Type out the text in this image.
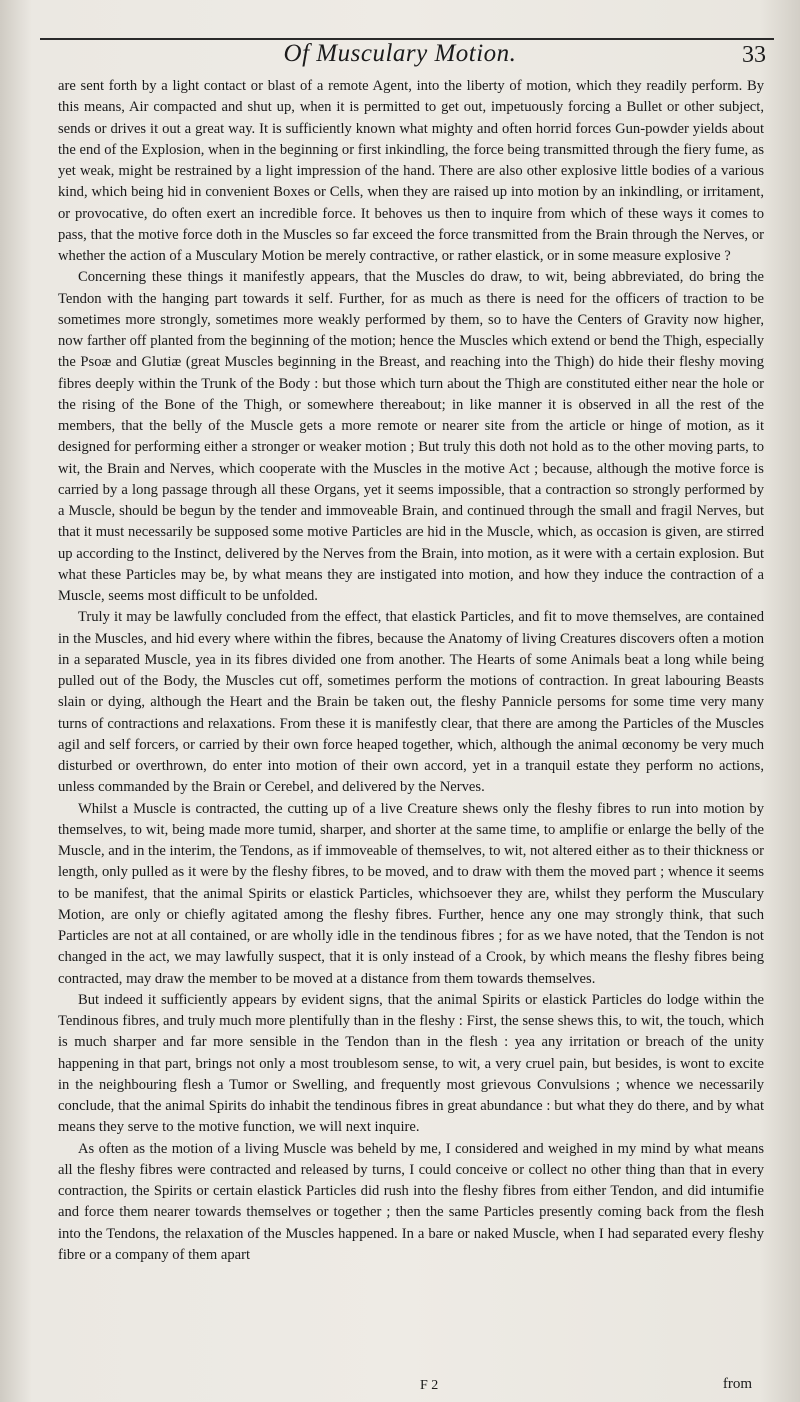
Of Musculary Motion.	33

are sent forth by a light contact or blast of a remote Agent, into the liberty of motion, which they readily perform. By this means, Air compacted and shut up, when it is permitted to get out, impetuously forcing a Bullet or other subject, sends or drives it out a great way. It is sufficiently known what mighty and often horrid forces Gun-powder yields about the end of the Explosion, when in the beginning or first inkindling, the force being transmitted through the fiery fume, as yet weak, might be restrained by a light impression of the hand. There are also other explosive little bodies of a various kind, which being hid in convenient Boxes or Cells, when they are raised up into motion by an inkindling, or irritament, or provocative, do often exert an incredible force. It behoves us then to inquire from which of these ways it comes to pass, that the motive force doth in the Muscles so far exceed the force transmitted from the Brain through the Nerves, or whether the action of a Musculary Motion be merely contractive, or rather elastick, or in some measure explosive ?

Concerning these things it manifestly appears, that the Muscles do draw, to wit, being abbreviated, do bring the Tendon with the hanging part towards it self. Further, for as much as there is need for the officers of traction to be sometimes more strongly, sometimes more weakly performed by them, so to have the Centers of Gravity now higher, now farther off planted from the beginning of the motion; hence the Muscles which extend or bend the Thigh, especially the Psoæ and Glutiæ (great Muscles beginning in the Breast, and reaching into the Thigh) do hide their fleshy moving fibres deeply within the Trunk of the Body : but those which turn about the Thigh are constituted either near the hole or the rising of the Bone of the Thigh, or somewhere thereabout; in like manner it is observed in all the rest of the members, that the belly of the Muscle gets a more remote or nearer site from the article or hinge of motion, as it designed for performing either a stronger or weaker motion ; But truly this doth not hold as to the other moving parts, to wit, the Brain and Nerves, which cooperate with the Muscles in the motive Act ; because, although the motive force is carried by a long passage through all these Organs, yet it seems impossible, that a contraction so strongly performed by a Muscle, should be begun by the tender and immoveable Brain, and continued through the small and fragil Nerves, but that it must necessarily be supposed some motive Particles are hid in the Muscle, which, as occasion is given, are stirred up according to the Instinct, delivered by the Nerves from the Brain, into motion, as it were with a certain explosion. But what these Particles may be, by what means they are instigated into motion, and how they induce the contraction of a Muscle, seems most difficult to be unfolded.

Truly it may be lawfully concluded from the effect, that elastick Particles, and fit to move themselves, are contained in the Muscles, and hid every where within the fibres, because the Anatomy of living Creatures discovers often a motion in a separated Muscle, yea in its fibres divided one from another. The Hearts of some Animals beat a long while being pulled out of the Body, the Muscles cut off, sometimes perform the motions of contraction. In great labouring Beasts slain or dying, although the Heart and the Brain be taken out, the fleshy Pannicle persoms for some time very many turns of contractions and relaxations. From these it is manifestly clear, that there are among the Particles of the Muscles agil and self forcers, or carried by their own force heaped together, which, although the animal œconomy be very much disturbed or overthrown, do enter into motion of their own accord, yet in a tranquil estate they perform no actions, unless commanded by the Brain or Cerebel, and delivered by the Nerves.

Whilst a Muscle is contracted, the cutting up of a live Creature shews only the fleshy fibres to run into motion by themselves, to wit, being made more tumid, sharper, and shorter at the same time, to amplifie or enlarge the belly of the Muscle, and in the interim, the Tendons, as if immoveable of themselves, to wit, not altered either as to their thickness or length, only pulled as it were by the fleshy fibres, to be moved, and to draw with them the moved part ; whence it seems to be manifest, that the animal Spirits or elastick Particles, whichsoever they are, whilst they perform the Musculary Motion, are only or chiefly agitated among the fleshy fibres. Further, hence any one may strongly think, that such Particles are not at all contained, or are wholly idle in the tendinous fibres ; for as we have noted, that the Tendon is not changed in the act, we may lawfully suspect, that it is only instead of a Crook, by which means the fleshy fibres being contracted, may draw the member to be moved at a distance from them towards themselves.

But indeed it sufficiently appears by evident signs, that the animal Spirits or elastick Particles do lodge within the Tendinous fibres, and truly much more plentifully than in the fleshy : First, the sense shews this, to wit, the touch, which is much sharper and far more sensible in the Tendon than in the flesh : yea any irritation or breach of the unity happening in that part, brings not only a most troublesom sense, to wit, a very cruel pain, but besides, is wont to excite in the neighbouring flesh a Tumor or Swelling, and frequently most grievous Convulsions ; whence we necessarily conclude, that the animal Spirits do inhabit the tendinous fibres in great abundance : but what they do there, and by what means they serve to the motive function, we will next inquire.

As often as the motion of a living Muscle was beheld by me, I considered and weighed in my mind by what means all the fleshy fibres were contracted and released by turns, I could conceive or collect no other thing than that in every contraction, the Spirits or certain elastick Particles did rush into the fleshy fibres from either Tendon, and did intumifie and force them nearer towards themselves or together ; then the same Particles presently coming back from the flesh into the Tendons, the relaxation of the Muscles happened. In a bare or naked Muscle, when I had separated every fleshy fibre or a company of them apart

F 2	from
